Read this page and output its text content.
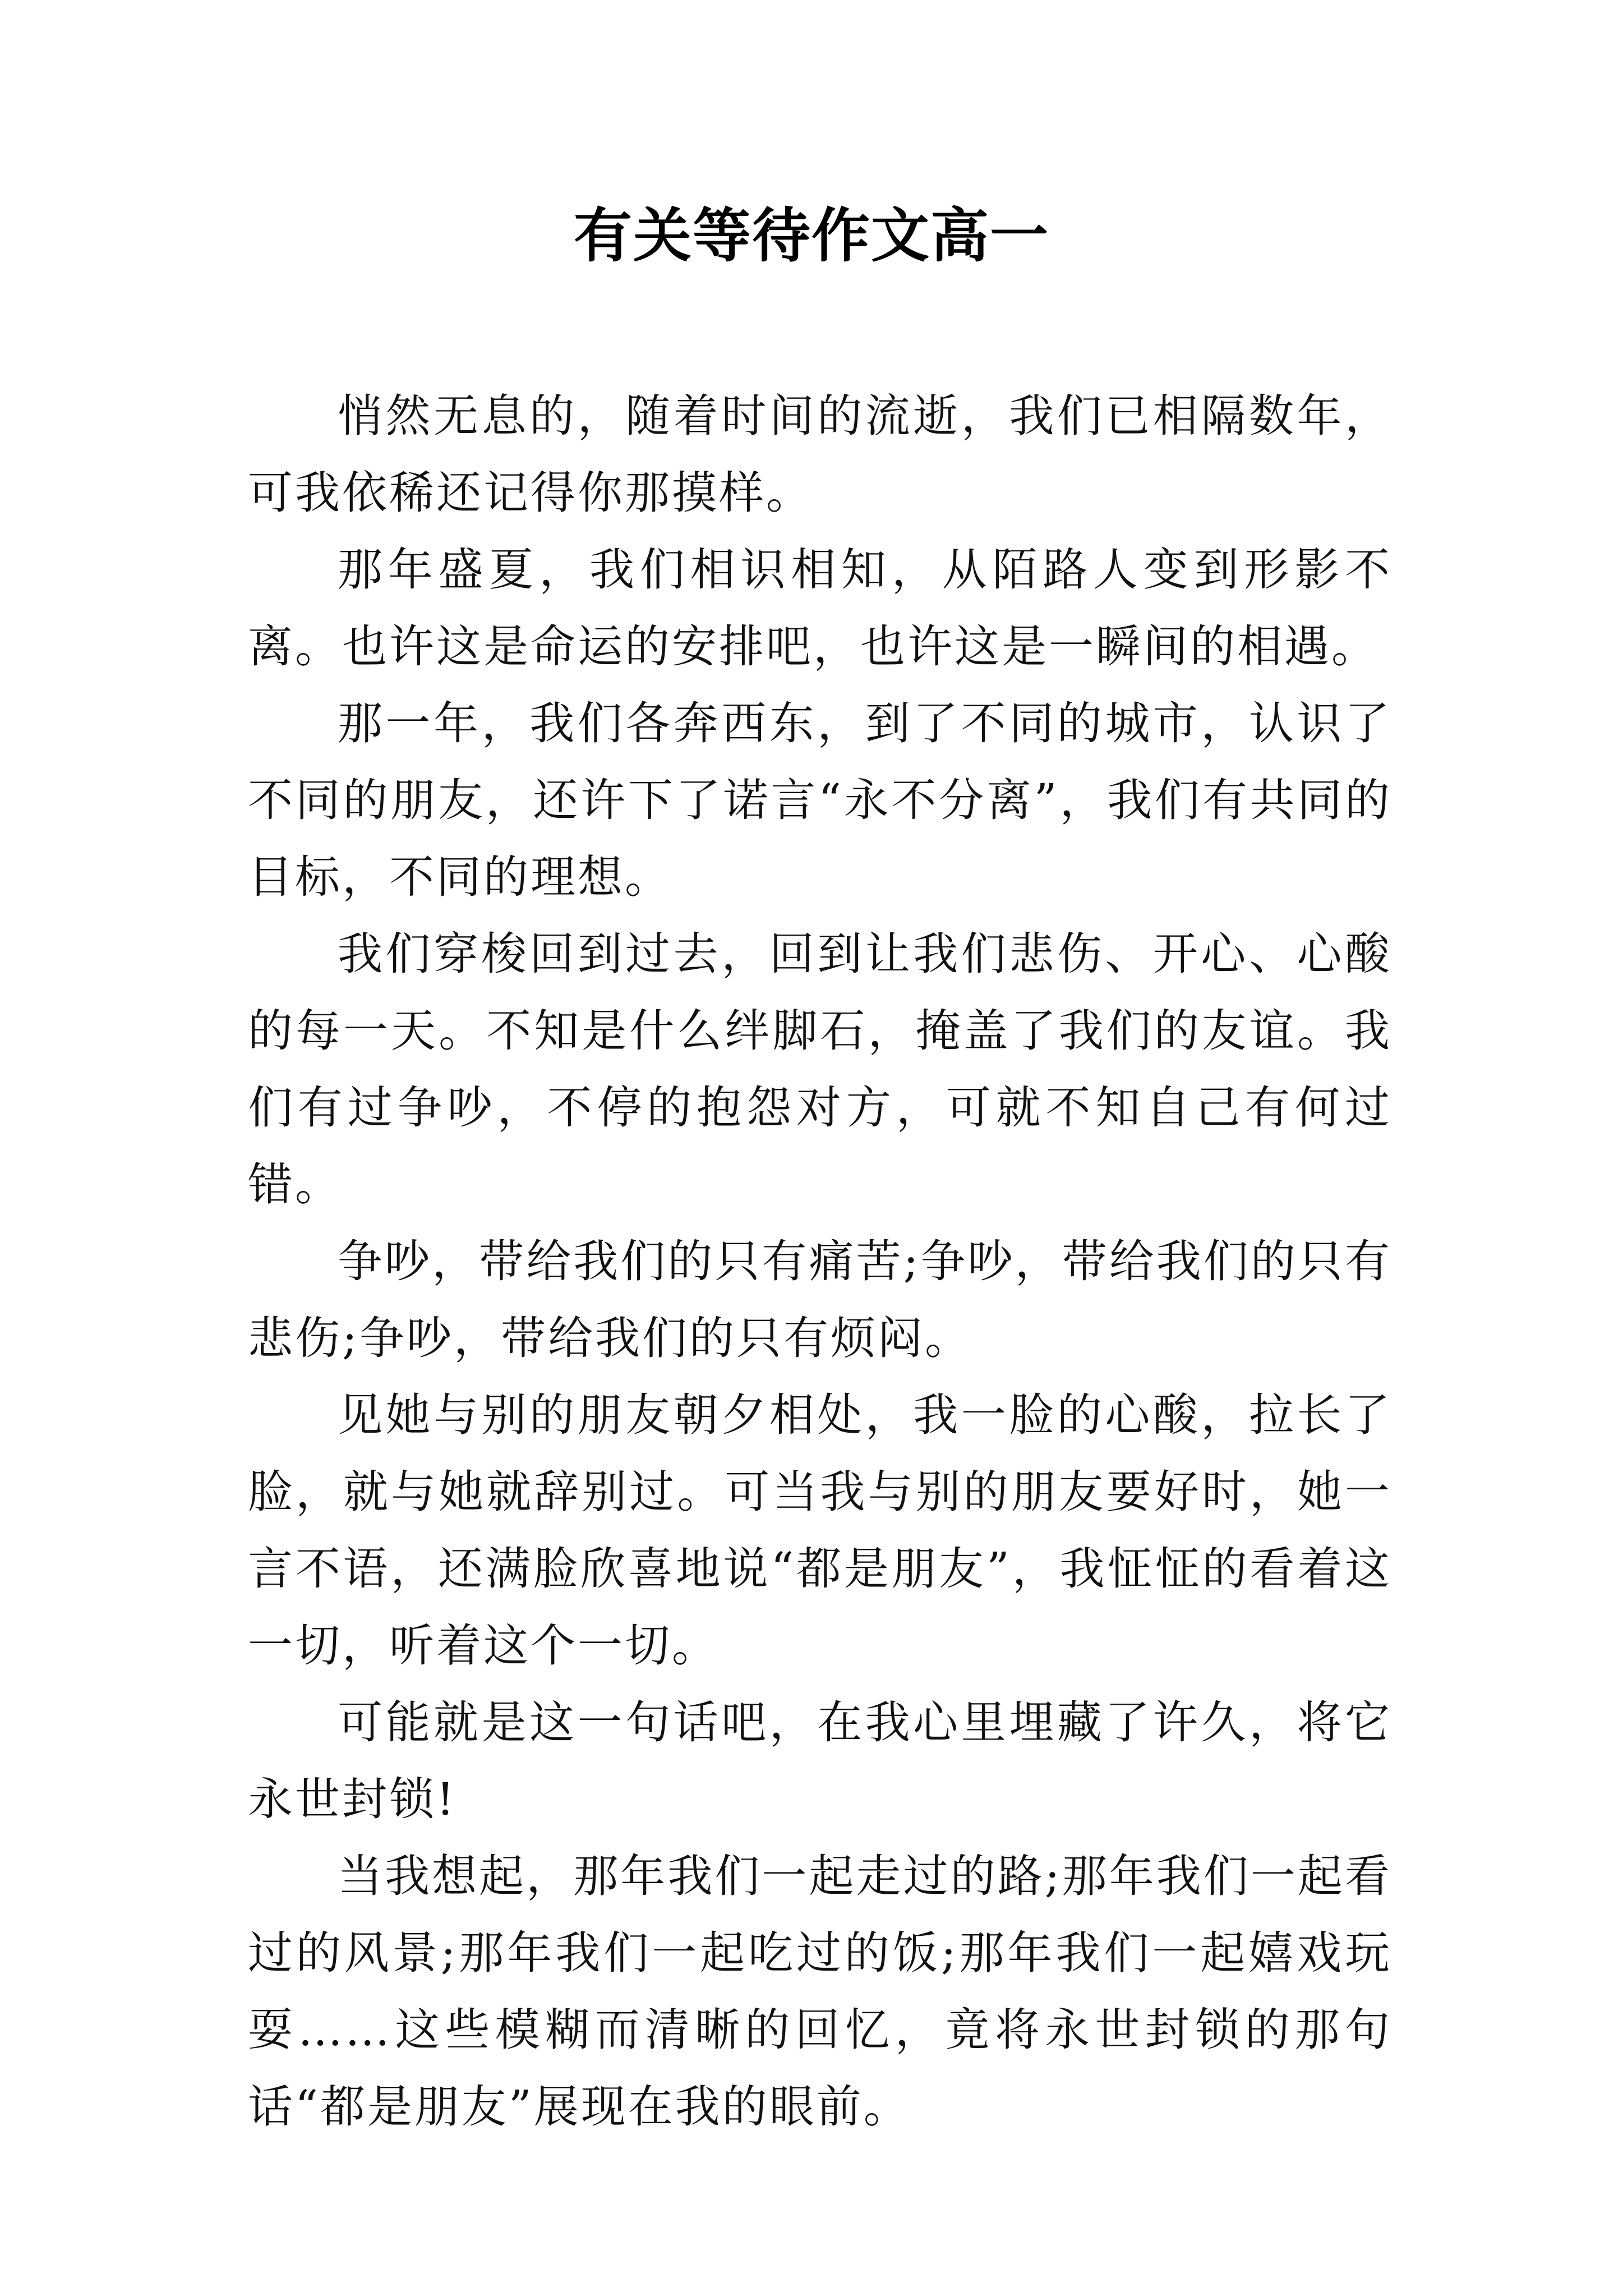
有关等待作文高一

悄然无息的，随着时间的流逝，我们已相隔数年，可我依稀还记得你那摸样。

那年盛夏，我们相识相知，从陌路人变到形影不离。也许这是命运的安排吧，也许这是一瞬间的相遇。

那一年，我们各奔西东，到了不同的城市，认识了不同的朋友，还许下了诺言“永不分离”，我们有共同的目标，不同的理想。

我们穿梭回到过去，回到让我们悲伤、开心、心酸的每一天。不知是什么绊脚石，掩盖了我们的友谊。我们有过争吵，不停的抱怨对方，可就不知自己有何过错。

争吵，带给我们的只有痛苦;争吵，带给我们的只有悲伤;争吵，带给我们的只有烦闷。

见她与别的朋友朝夕相处，我一脸的心酸，拉长了脸，就与她就辞别过。可当我与别的朋友要好时，她一言不语，还满脸欣喜地说“都是朋友”，我怔怔的看着这一切，听着这个一切。

可能就是这一句话吧，在我心里埋藏了许久，将它永世封锁!

当我想起，那年我们一起走过的路;那年我们一起看过的风景;那年我们一起吃过的饭;那年我们一起嬉戏玩耍……这些模糊而清晰的回忆，竟将永世封锁的那句话“都是朋友”展现在我的眼前。
